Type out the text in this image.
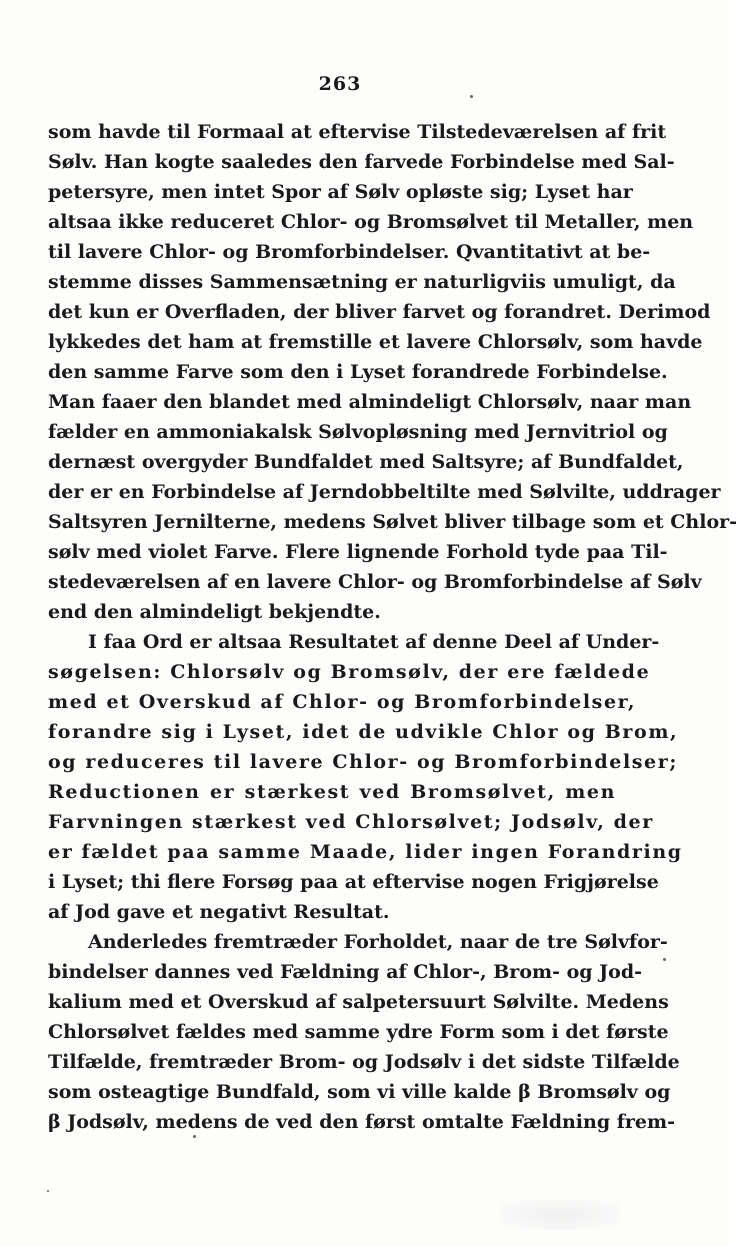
263
som havde til Formaal at eftervise Tilstedeværelsen af frit
Sølv. Han kogte saaledes den farvede Forbindelse med Sal-
petersyre, men intet Spor af Sølv opløste sig; Lyset har
altsaa ikke reduceret Chlor- og Bromsølvet til Metaller, men
til lavere Chlor- og Bromforbindelser. Qvantitativt at be-
stemme disses Sammensætning er naturligviis umuligt, da
det kun er Overfladen, der bliver farvet og forandret. Derimod
lykkedes det ham at fremstille et lavere Chlorsølv, som havde
den samme Farve som den i Lyset forandrede Forbindelse.
Man faaer den blandet med almindeligt Chlorsølv, naar man
fælder en ammoniakalsk Sølvopløsning med Jernvitriol og
dernæst overgyder Bundfaldet med Saltsyre; af Bundfaldet,
der er en Forbindelse af Jerndobbeltilte med Sølvilte, uddrager
Saltsyren Jernilterne, medens Sølvet bliver tilbage som et Chlor-
sølv med violet Farve. Flere lignende Forhold tyde paa Til-
stedeværelsen af en lavere Chlor- og Bromforbindelse af Sølv
end den almindeligt bekjendte.
I faa Ord er altsaa Resultatet af denne Deel af Under-
søgelsen: Chlorsølv og Bromsølv, der ere fældede
med et Overskud af Chlor- og Bromforbindelser,
forandre sig i Lyset, idet de udvikle Chlor og Brom,
og reduceres til lavere Chlor- og Bromforbindelser;
Reductionen er stærkest ved Bromsølvet, men
Farvningen stærkest ved Chlorsølvet; Jodsølv, der
er fældet paa samme Maade, lider ingen Forandring
i Lyset; thi flere Forsøg paa at eftervise nogen Frigjørelse
af Jod gave et negativt Resultat.
Anderledes fremtræder Forholdet, naar de tre Sølvfor-
bindelser dannes ved Fældning af Chlor-, Brom- og Jod-
kalium med et Overskud af salpetersuurt Sølvilte. Medens
Chlorsølvet fældes med samme ydre Form som i det første
Tilfælde, fremtræder Brom- og Jodsølv i det sidste Tilfælde
som osteagtige Bundfald, som vi ville kalde β Bromsølv og
β Jodsølv, medens de ved den først omtalte Fældning frem-
